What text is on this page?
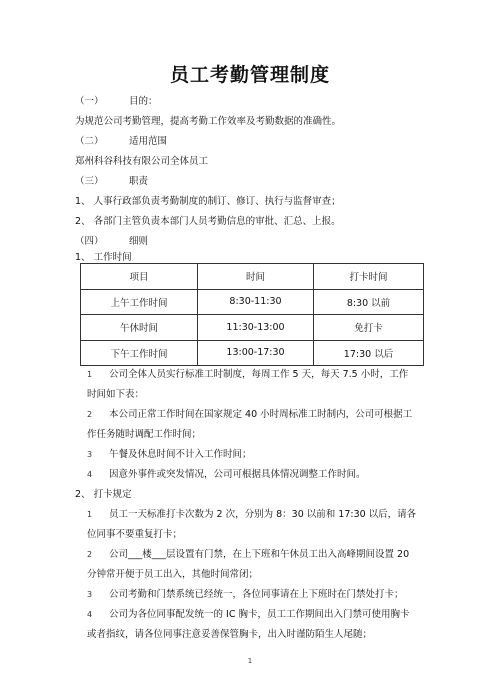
员工考勤管理制度
（一）	目的：
为规范公司考勤管理，提高考勤工作效率及考勤数据的准确性。
（二）	适用范围
郑州科谷科技有限公司全体员工
（三）	职责
1、 人事行政部负责考勤制度的制订、修订、执行与监督审查；
2、 各部门主管负责本部门人员考勤信息的审批、汇总、上报。
（四）	细则
1、 工作时间
项目	时间	打卡时间
上午工作时间	8:30-11:30	8:30 以前
午休时间	11:30-13:00	免打卡
下午工作时间	13:00-17:30	17:30 以后
1 公司全体人员实行标准工时制度，每周工作 5 天，每天 7.5 小时，工作
时间如下表：
2 本公司正常工作时间在国家规定 40 小时周标准工时制内，公司可根据工
作任务随时调配工作时间；
3 午餐及休息时间不计入工作时间；
4 因意外事件或突发情况，公司可根据具体情况调整工作时间。
2、 打卡规定
1 员工一天标准打卡次数为 2 次，分别为 8：30 以前和 17:30 以后，请各
位同事不要重复打卡；
2 公司___楼___层设置有门禁，在上下班和午休员工出入高峰期间设置 20
分钟常开便于员工出入，其他时间常闭；
3 公司考勤和门禁系统已经统一，各位同事请在上下班时在门禁处打卡；
4 公司为各位同事配发统一的 IC 胸卡，员工工作期间出入门禁可使用胸卡
或者指纹，请各位同事注意妥善保管胸卡，出入时谨防陌生人尾随；
1
